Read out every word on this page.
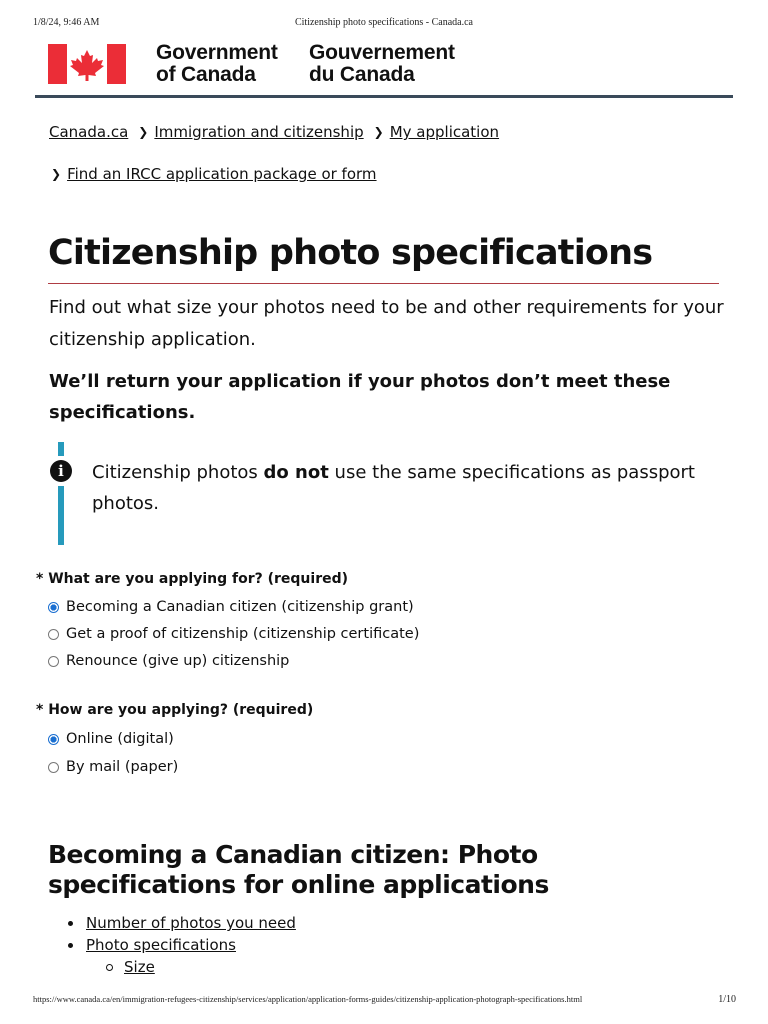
1/8/24, 9:46 AM	Citizenship photo specifications - Canada.ca
Government
of Canada
Gouvernement
du Canada
Canada.ca ❯ Immigration and citizenship ❯ My application
❯ Find an IRCC application package or form
Citizenship photo specifications

Find out what size your photos need to be and other requirements for your citizenship application.

We’ll return your application if your photos don’t meet these specifications.

i	Citizenship photos do not use the same specifications as passport photos.
* What are you applying for? (required)
Becoming a Canadian citizen (citizenship grant)
Get a proof of citizenship (citizenship certificate)
Renounce (give up) citizenship
* How are you applying? (required)
Online (digital)
By mail (paper)
Becoming a Canadian citizen: Photo specifications for online applications
Number of photos you need
Photo specifications
Size
https://www.canada.ca/en/immigration-refugees-citizenship/services/application/application-forms-guides/citizenship-application-photograph-specifications.html	1/10
